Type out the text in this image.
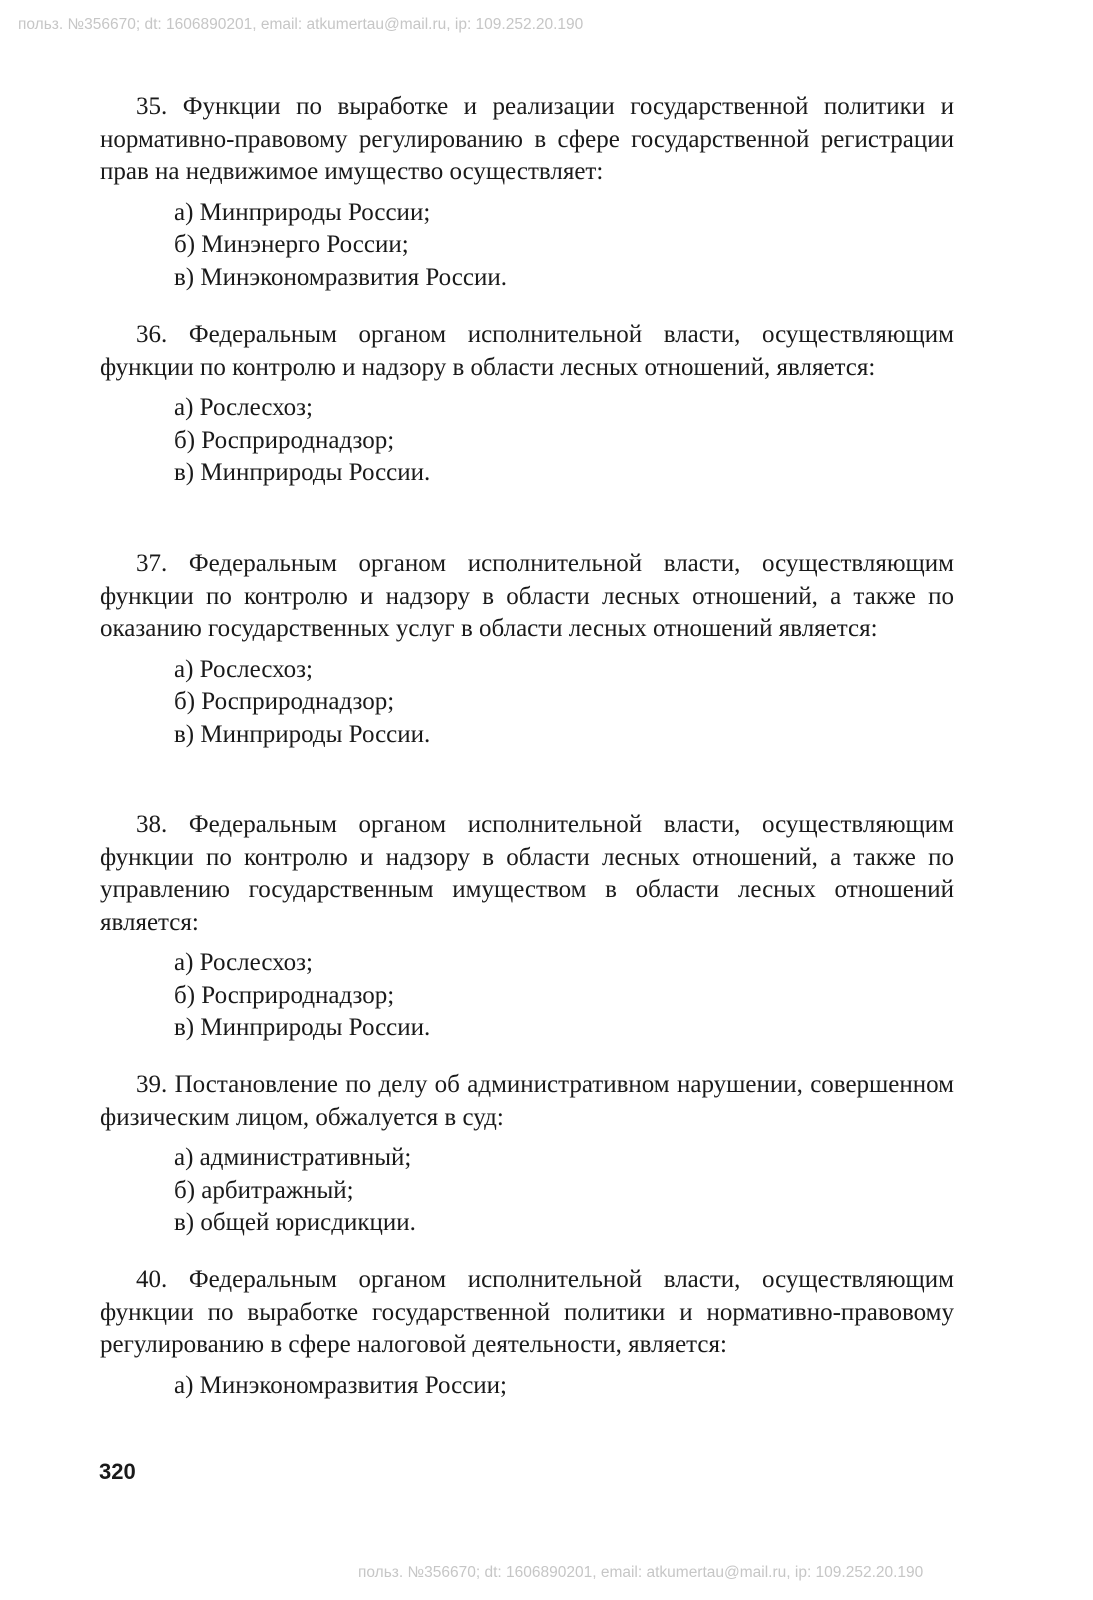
польз. №356670; dt: 1606890201, email: atkumertau@mail.ru, ip: 109.252.20.190

35. Функции по выработке и реализации государственной политики и нормативно-правовому регулированию в сфере государственной регистрации прав на недвижимое имущество осуществляет:

а) Минприроды России;
б) Минэнерго России;
в) Минэкономразвития России.

36. Федеральным органом исполнительной власти, осуществляющим функции по контролю и надзору в области лесных отношений, является:

а) Рослесхоз;
б) Росприроднадзор;
в) Минприроды России.

37. Федеральным органом исполнительной власти, осуществляющим функции по контролю и надзору в области лесных отношений, а также по оказанию государственных услуг в области лесных отношений является:

а) Рослесхоз;
б) Росприроднадзор;
в) Минприроды России.

38. Федеральным органом исполнительной власти, осуществляющим функции по контролю и надзору в области лесных отношений, а также по управлению государственным имуществом в области лесных отношений является:

а) Рослесхоз;
б) Росприроднадзор;
в) Минприроды России.

39. Постановление по делу об административном нарушении, совершенном физическим лицом, обжалуется в суд:

а) административный;
б) арбитражный;
в) общей юрисдикции.

40. Федеральным органом исполнительной власти, осуществляющим функции по выработке государственной политики и нормативно-правовому регулированию в сфере налоговой деятельности, является:

а) Минэкономразвития России;
320
польз. №356670; dt: 1606890201, email: atkumertau@mail.ru, ip: 109.252.20.190
